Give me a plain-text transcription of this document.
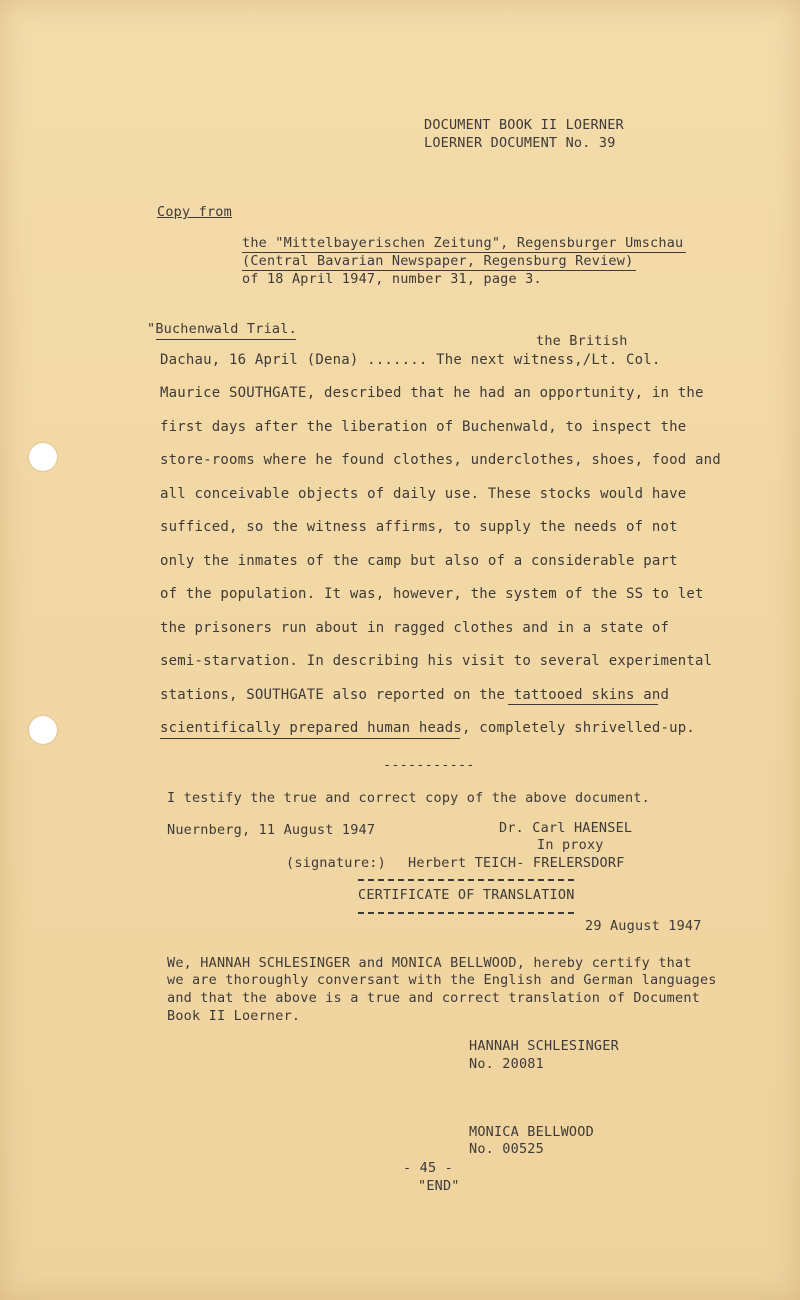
DOCUMENT BOOK II LOERNER
LOERNER DOCUMENT No. 39
Copy from
the "Mittelbayerischen Zeitung", Regensburger Umschau
(Central Bavarian Newspaper, Regensburg Review)
of 18 April 1947, number 31, page 3.
"Buchenwald Trial.
the British
Dachau, 16 April (Dena) ....... The next witness,/Lt. Col.
Maurice SOUTHGATE, described that he had an opportunity, in the
first days after the liberation of Buchenwald, to inspect the
store-rooms where he found clothes, underclothes, shoes, food and
all conceivable objects of daily use. These stocks would have
sufficed, so the witness affirms, to supply the needs of not
only the inmates of the camp but also of a considerable part
of the population. It was, however, the system of the SS to let
the prisoners run about in ragged clothes and in a state of
semi-starvation. In describing his visit to several experimental
stations, SOUTHGATE also reported on the tattooed skins and
scientifically prepared human heads, completely shrivelled-up.
-----------
I testify the true and correct copy of the above document.
Nuernberg, 11 August 1947	Dr. Carl HAENSEL
In proxy
(signature:) Herbert TEICH- FRELERSDORF
CERTIFICATE OF TRANSLATION
29 August 1947
We, HANNAH SCHLESINGER and MONICA BELLWOOD, hereby certify that
we are thoroughly conversant with the English and German languages
and that the above is a true and correct translation of Document
Book II Loerner.
HANNAH SCHLESINGER
No. 20081
MONICA BELLWOOD
No. 00525
- 45 -
"END"
